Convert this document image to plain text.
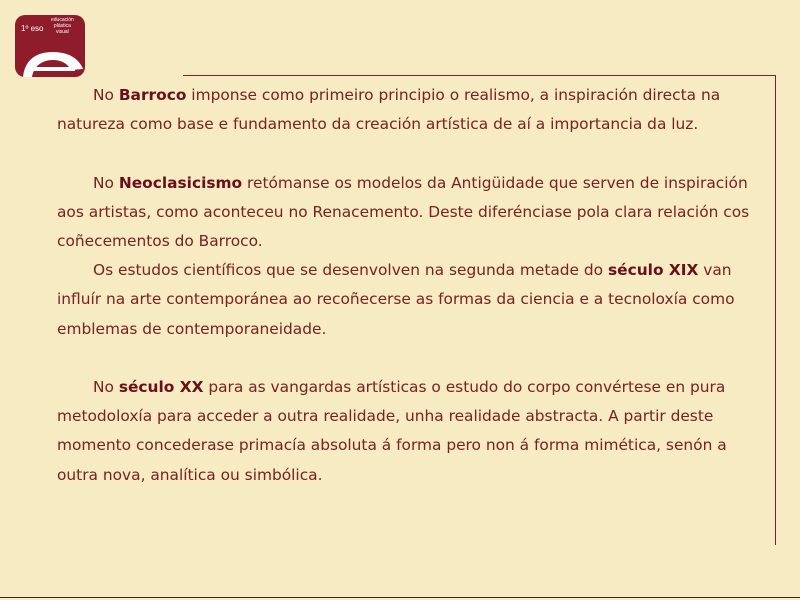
1º eso
educación
plástica
visual

No Barroco imponse como primeiro principio o realismo, a inspiración directa na natureza como base e fundamento da creación artística de aí a importancia da luz.

No Neoclasicismo retómanse os modelos da Antigüidade que serven de inspiración aos artistas, como aconteceu no Renacemento. Deste diferénciase pola clara relación cos coñecementos do Barroco.

Os estudos científicos que se desenvolven na segunda metade do século XIX van influír na arte contemporánea ao recoñecerse as formas da ciencia e a tecnoloxía como emblemas de contemporaneidade.

No século XX para as vangardas artísticas o estudo do corpo convértese en pura metodoloxía para acceder a outra realidade, unha realidade abstracta. A partir deste momento concederase primacía absoluta á forma pero non á forma mimética, senón a outra nova, analítica ou simbólica.
